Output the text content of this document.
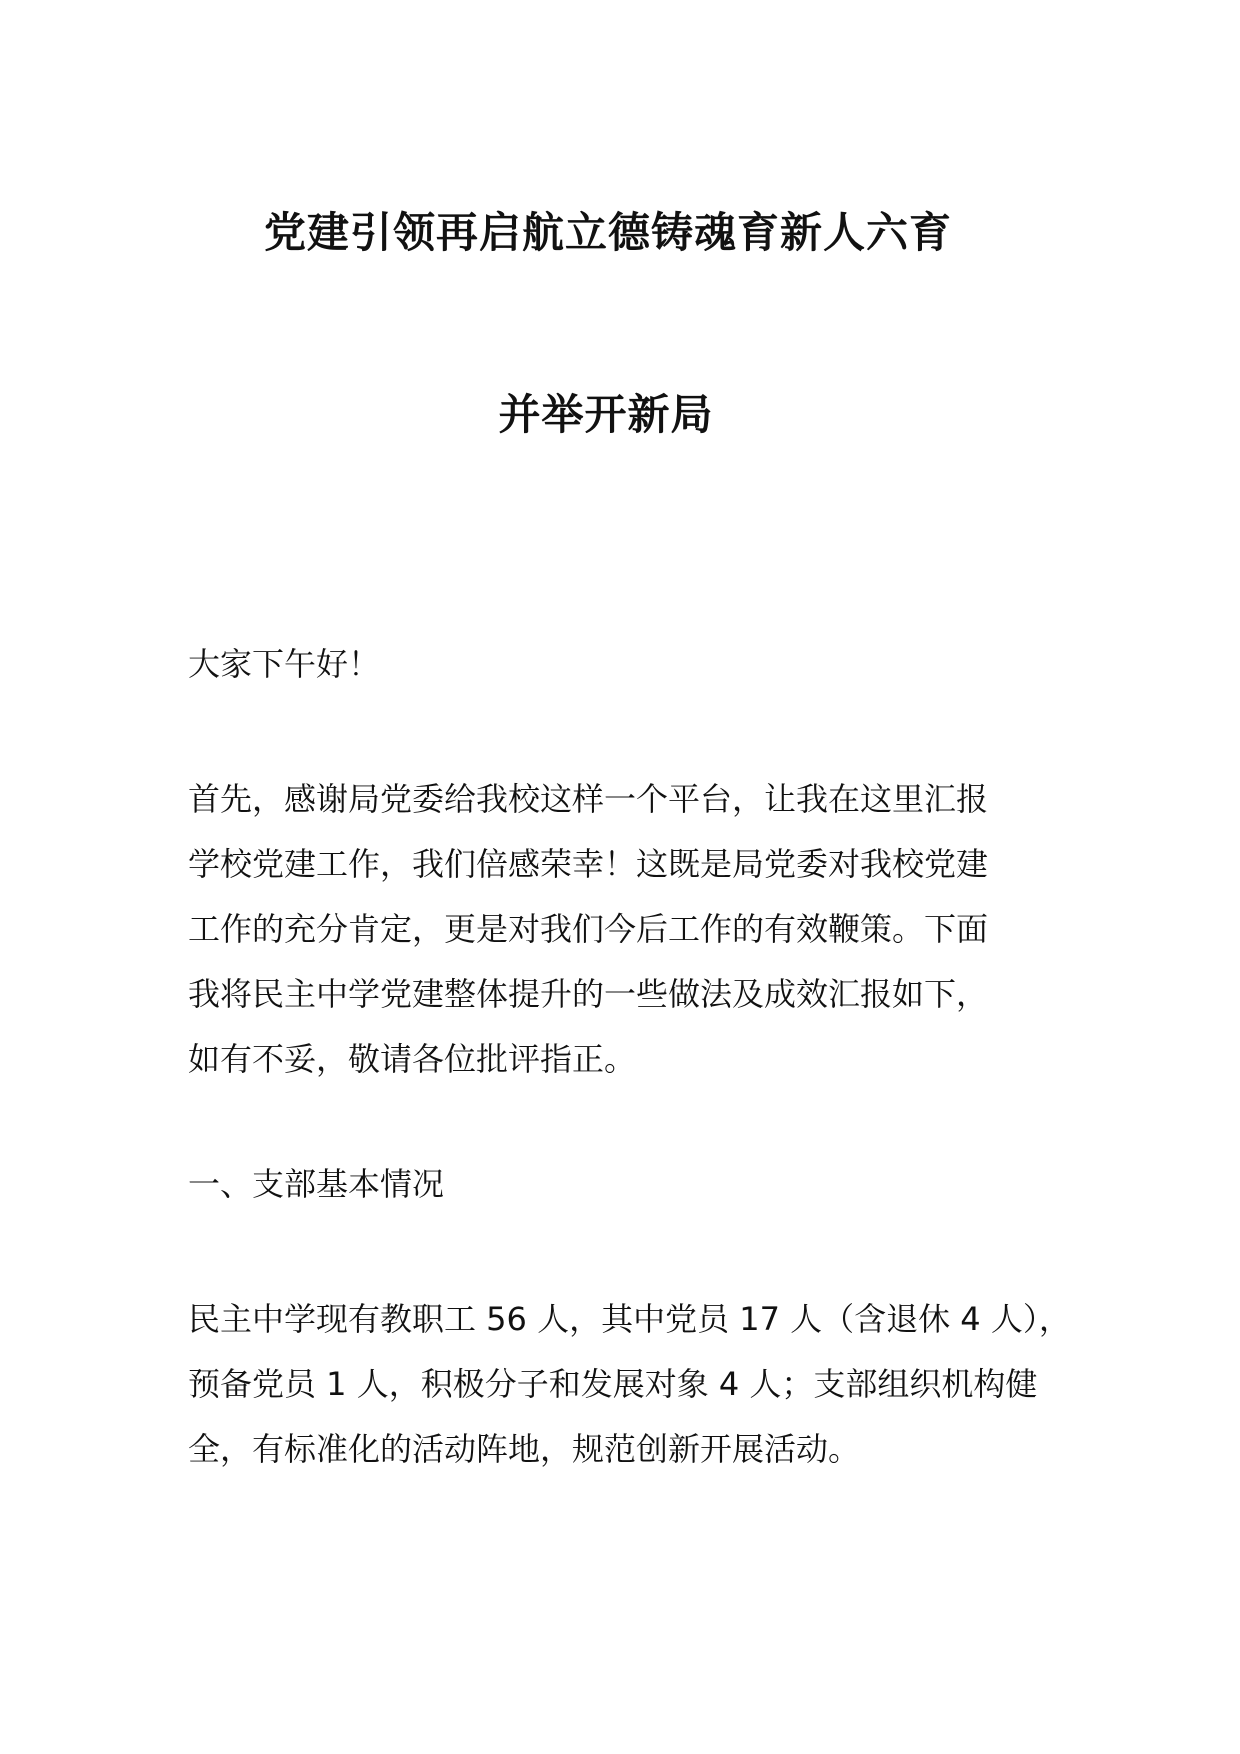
党建引领再启航立德铸魂育新人六育
并举开新局

大家下午好！

首先，感谢局党委给我校这样一个平台，让我在这里汇报
学校党建工作，我们倍感荣幸！这既是局党委对我校党建
工作的充分肯定，更是对我们今后工作的有效鞭策。下面
我将民主中学党建整体提升的一些做法及成效汇报如下，
如有不妥，敬请各位批评指正。

一、支部基本情况

民主中学现有教职工 56 人，其中党员 17 人（含退休 4 人），
预备党员 1 人，积极分子和发展对象 4 人；支部组织机构健
全，有标准化的活动阵地，规范创新开展活动。
